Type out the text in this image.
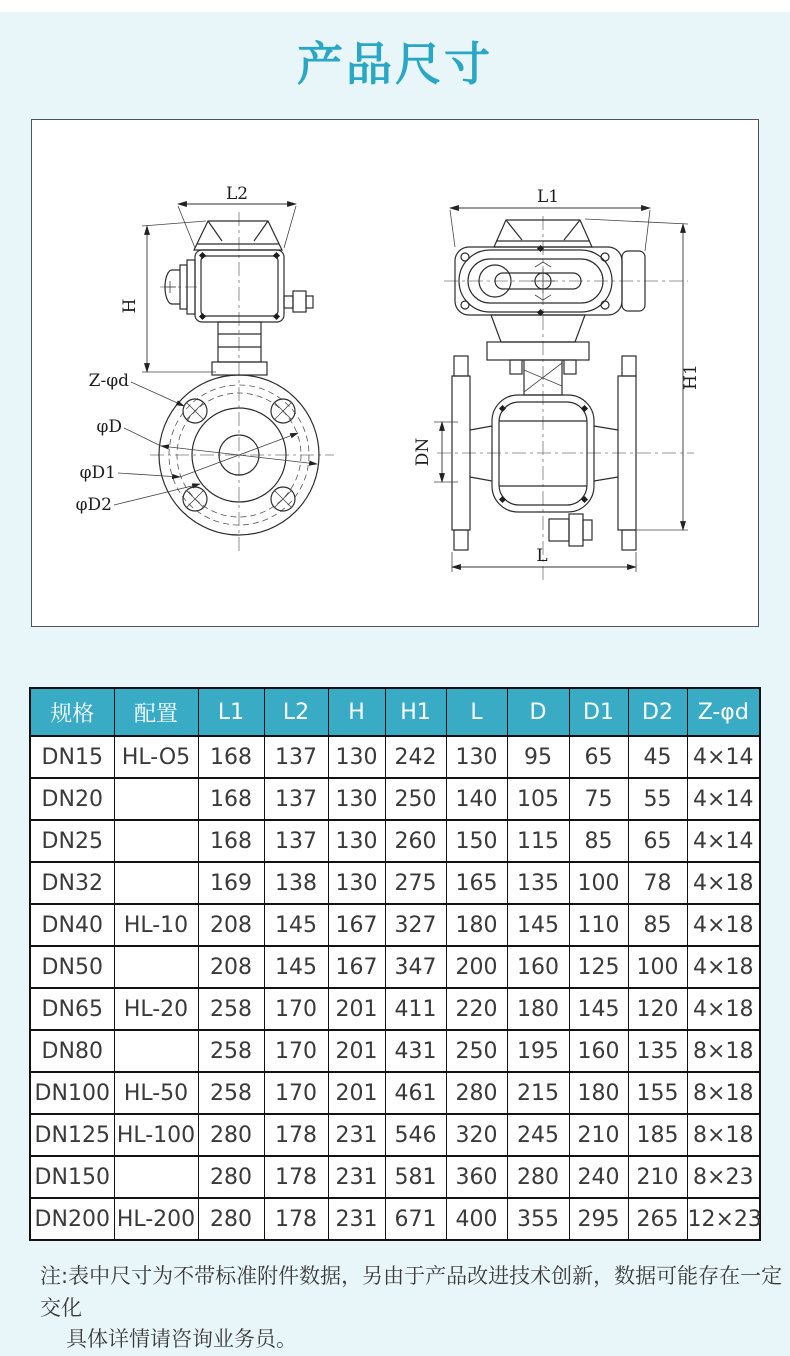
产品尺寸
L2
H
Z-φd
φD
φD1
φD2
L1
H1
DN
L
规格	配置	L1	L2	H	H1	L	D	D1	D2	Z-φd
DN15	HL-O5	168	137	130	242	130	95	65	45	4×14
DN20		168	137	130	250	140	105	75	55	4×14
DN25		168	137	130	260	150	115	85	65	4×14
DN32		169	138	130	275	165	135	100	78	4×18
DN40	HL-10	208	145	167	327	180	145	110	85	4×18
DN50		208	145	167	347	200	160	125	100	4×18
DN65	HL-20	258	170	201	411	220	180	145	120	4×18
DN80		258	170	201	431	250	195	160	135	8×18
DN100	HL-50	258	170	201	461	280	215	180	155	8×18
DN125	HL-100	280	178	231	546	320	245	210	185	8×18
DN150		280	178	231	581	360	280	240	210	8×23
DN200	HL-200	280	178	231	671	400	355	295	265	12×23
注:表中尺寸为不带标准附件数据，另由于产品改进技术创新，数据可能存在一定交化
具体详情请咨询业务员。
